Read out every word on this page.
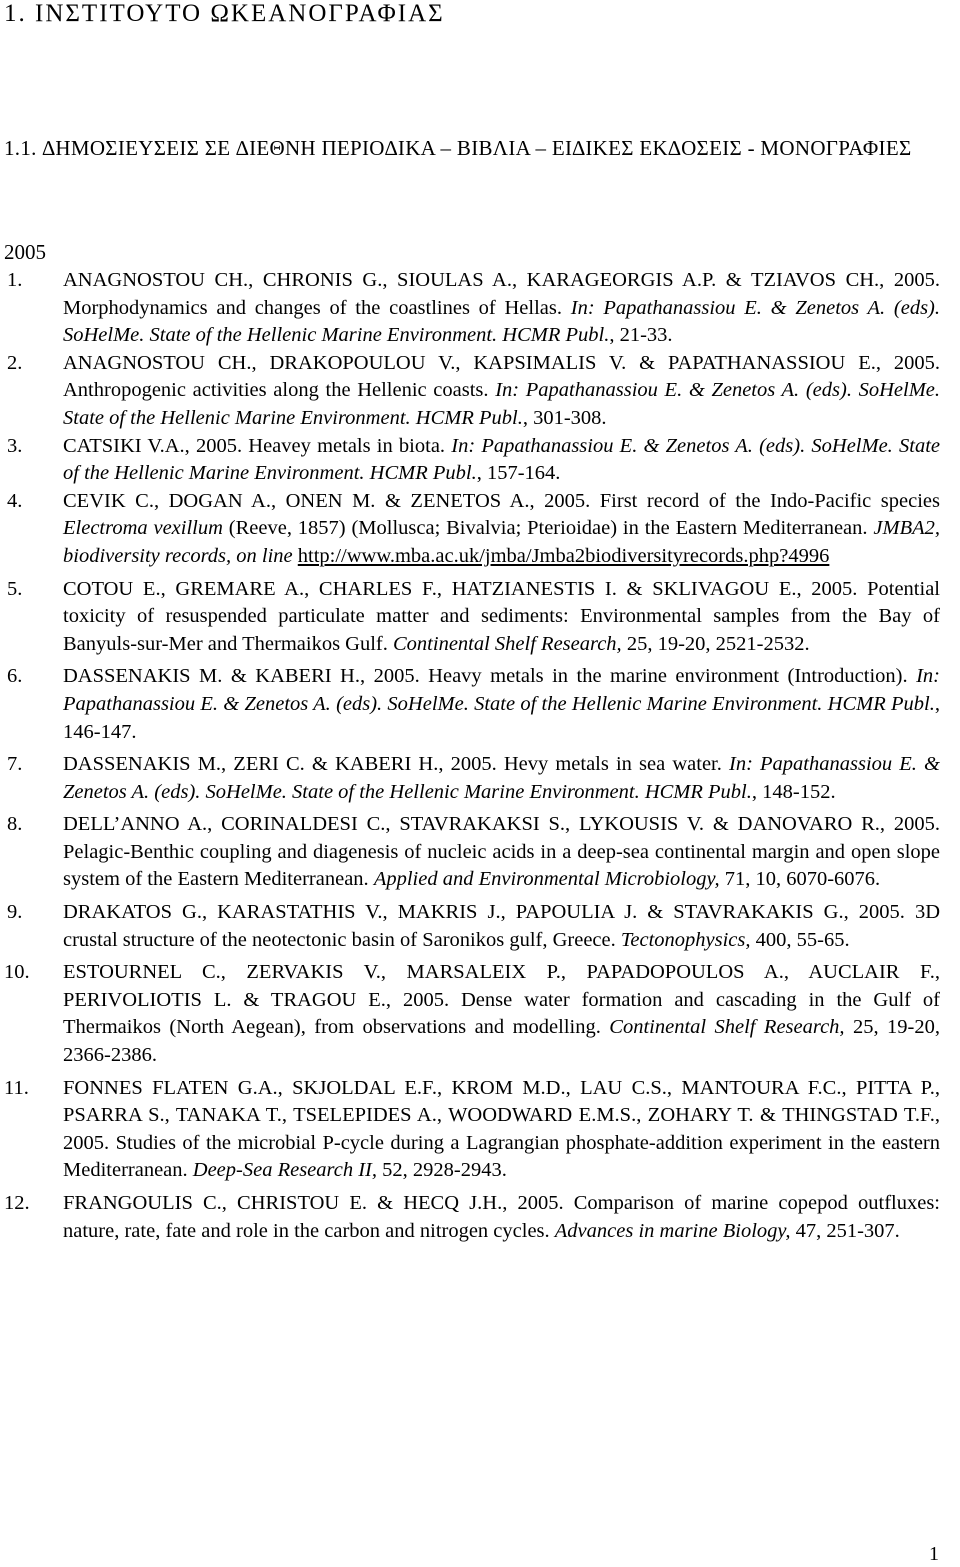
1. ΙΝΣΤΙΤΟΥΤΟ ΩΚΕΑΝΟΓΡΑΦΙΑΣ
1.1. ∆ΗΜΟΣΙΕΥΣΕΙΣ ΣΕ ∆ΙΕΘΝΗ ΠΕΡΙΟ∆ΙΚΑ – ΒΙΒΛΙΑ – ΕΙ∆ΙΚΕΣ ΕΚ∆ΟΣΕΙΣ - ΜΟΝΟΓΡΑΦΙΕΣ
2005
1. ANAGNOSTOU CH., CHRONIS G., SIOULAS A., KARAGEORGIS A.P. & TZIAVOS CH., 2005. Morphodynamics and changes of the coastlines of Hellas. In: Papathanassiou E. & Zenetos A. (eds). SoHelMe. State of the Hellenic Marine Environment. HCMR Publ., 21-33.
2. ANAGNOSTOU CH., DRAKOPOULOU V., KAPSIMALIS V. & PAPATHANASSIOU E., 2005. Anthropogenic activities along the Hellenic coasts. In: Papathanassiou E. & Zenetos A. (eds). SoHelMe. State of the Hellenic Marine Environment. HCMR Publ., 301-308.
3. CATSIKI V.A., 2005. Heavey metals in biota. In: Papathanassiou E. & Zenetos A. (eds). SoHelMe. State of the Hellenic Marine Environment. HCMR Publ., 157-164.
4. CEVIK C., DOGAN A., ONEN M. & ZENETOS A., 2005. First record of the Indo-Pacific species Electroma vexillum (Reeve, 1857) (Mollusca; Bivalvia; Pterioidae) in the Eastern Mediterranean. JMBA2, biodiversity records, on line http://www.mba.ac.uk/jmba/Jmba2biodiversityrecords.php?4996
5. COTOU E., GREMARE A., CHARLES F., HATZIANESTIS I. & SKLIVAGOU E., 2005. Potential toxicity of resuspended particulate matter and sediments: Environmental samples from the Bay of Banyuls-sur-Mer and Thermaikos Gulf. Continental Shelf Research, 25, 19-20, 2521-2532.
6. DASSENAKIS M. & KABERI H., 2005. Heavy metals in the marine environment (Introduction). In: Papathanassiou E. & Zenetos A. (eds). SoHelMe. State of the Hellenic Marine Environment. HCMR Publ., 146-147.
7. DASSENAKIS M., ZERI C. & KABERI H., 2005. Hevy metals in sea water. In: Papathanassiou E. & Zenetos A. (eds). SoHelMe. State of the Hellenic Marine Environment. HCMR Publ., 148-152.
8. DELL’ANNO A., CORINALDESI C., STAVRAKAKSI S., LYKOUSIS V. & DANOVARO R., 2005. Pelagic-Benthic coupling and diagenesis of nucleic acids in a deep-sea continental margin and open slope system of the Eastern Mediterranean. Applied and Environmental Microbiology, 71, 10, 6070-6076.
9. DRAKATOS G., KARASTATHIS V., MAKRIS J., PAPOULIA J. & STAVRAKAKIS G., 2005. 3D crustal structure of the neotectonic basin of Saronikos gulf, Greece. Tectonophysics, 400, 55-65.
10. ESTOURNEL C., ZERVAKIS V., MARSALEIX P., PAPADOPOULOS A., AUCLAIR F., PERIVOLIOTIS L. & TRAGOU E., 2005. Dense water formation and cascading in the Gulf of Thermaikos (North Aegean), from observations and modelling. Continental Shelf Research, 25, 19-20, 2366-2386.
11. FONNES FLATEN G.A., SKJOLDAL E.F., KROM M.D., LAU C.S., MANTOURA F.C., PITTA P., PSARRA S., TANAKA T., TSELEPIDES A., WOODWARD E.M.S., ZOHARY T. & THINGSTAD T.F., 2005. Studies of the microbial P-cycle during a Lagrangian phosphate-addition experiment in the eastern Mediterranean. Deep-Sea Research II, 52, 2928-2943.
12. FRANGOULIS C., CHRISTOU E. & HECQ J.H., 2005. Comparison of marine copepod outfluxes: nature, rate, fate and role in the carbon and nitrogen cycles. Advances in marine Biology, 47, 251-307.
1
